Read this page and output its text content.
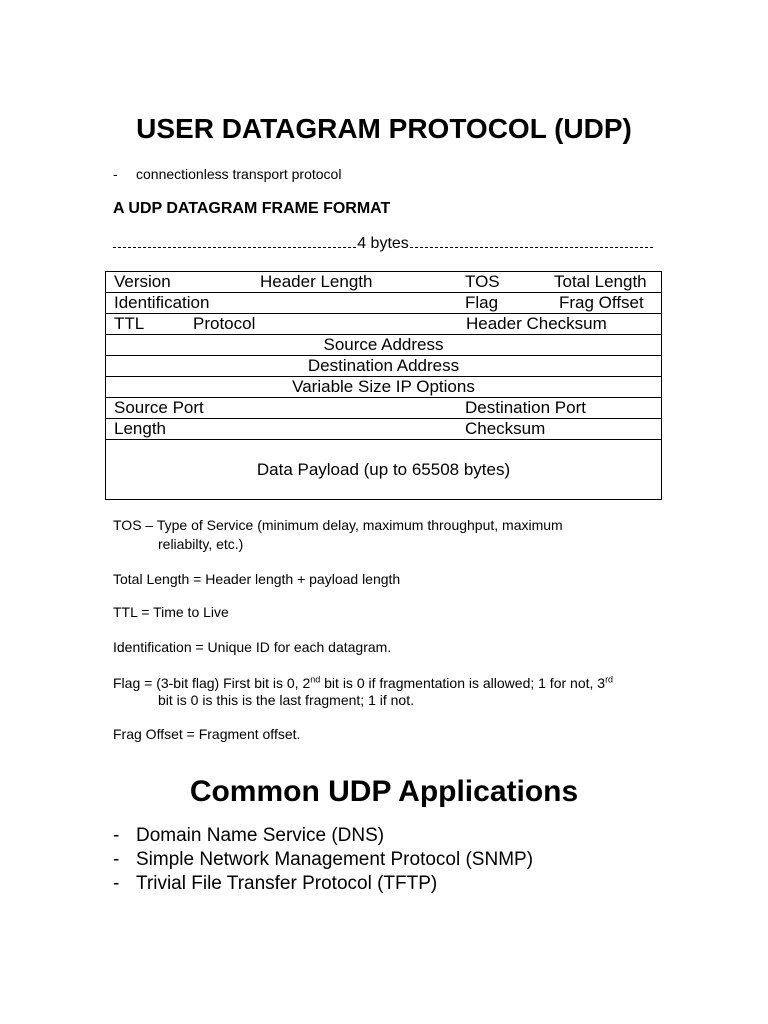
USER DATAGRAM PROTOCOL (UDP)
- connectionless transport protocol
A UDP DATAGRAM FRAME FORMAT
4 bytes
Version	Header Length	TOS	Total Length

Identification	Flag	Frag Offset

TTL	Protocol	Header Checksum

Source Address
Destination Address
Variable Size IP Options

Source Port	Destination Port

Length	Checksum

Data Payload (up to 65508 bytes)
TOS – Type of Service (minimum delay, maximum throughput, maximum
reliabilty, etc.)
Total Length = Header length + payload length
TTL = Time to Live
Identification = Unique ID for each datagram.
Flag = (3-bit flag) First bit is 0, 2nd bit is 0 if fragmentation is allowed; 1 for not, 3rd
bit is 0 is this is the last fragment; 1 if not.
Frag Offset = Fragment offset.
Common UDP Applications
- Domain Name Service (DNS)
- Simple Network Management Protocol (SNMP)
- Trivial File Transfer Protocol (TFTP)
